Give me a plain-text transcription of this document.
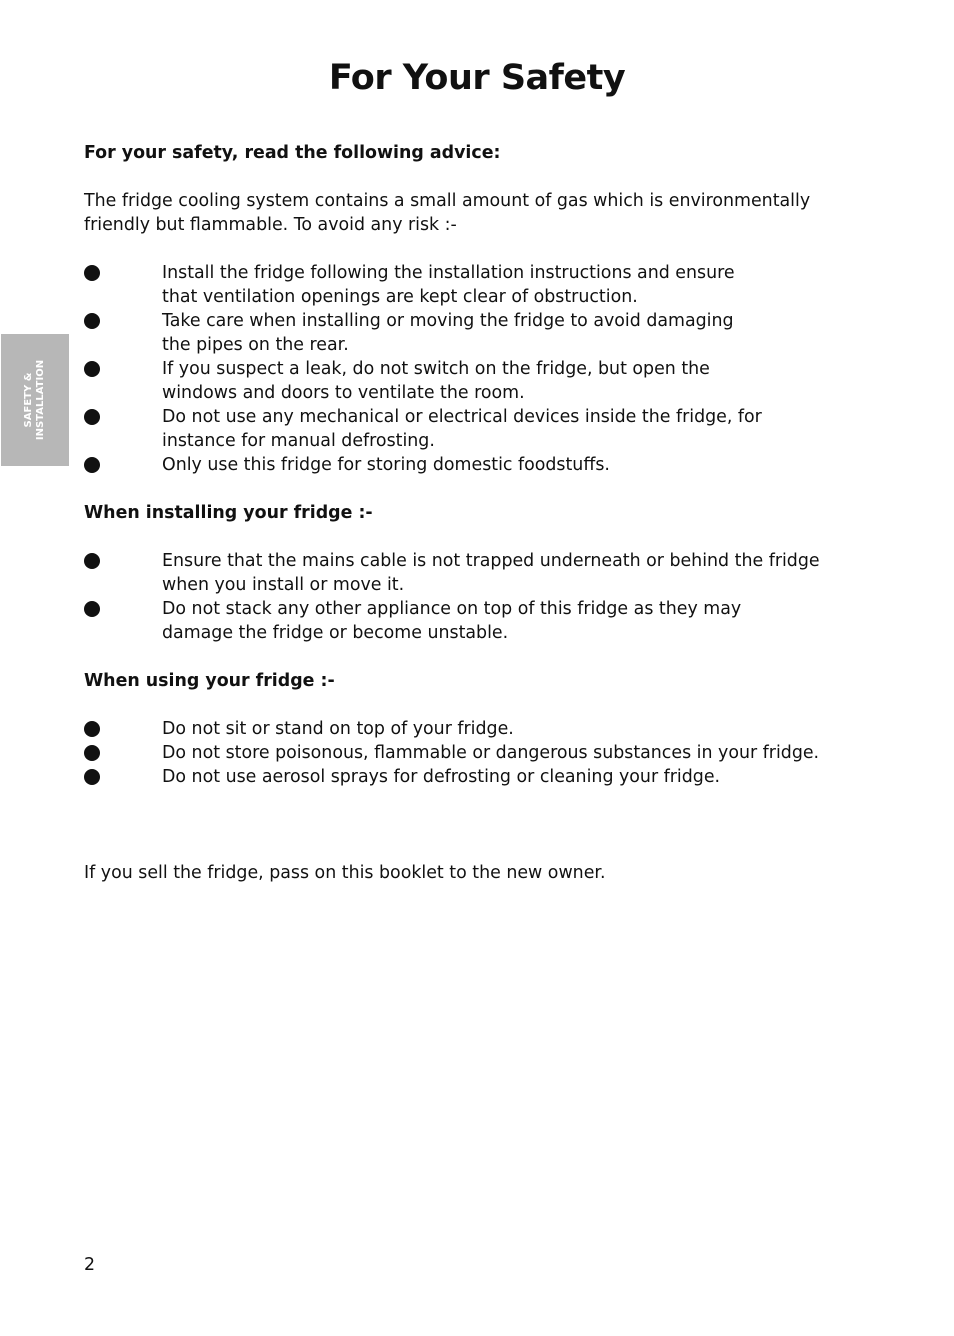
For Your Safety
SAFETY & INSTALLATION
For your safety, read the following advice:
The fridge cooling system contains a small amount of gas which is environmentally
friendly but flammable. To avoid any risk :-
Install the fridge following the installation instructions and ensure
that ventilation openings are kept clear of obstruction.
Take care when installing or moving the fridge to avoid damaging
the pipes on the rear.
If you suspect a leak, do not switch on the fridge, but open the
windows and doors to ventilate the room.
Do not use any mechanical or electrical devices inside the fridge, for
instance for manual defrosting.
Only use this fridge for storing domestic foodstuffs.
When installing your fridge :-
Ensure that the mains cable is not trapped underneath or behind the fridge
when you install or move it.
Do not stack any other appliance on top of this fridge as they may
damage the fridge or become unstable.
When using your fridge :-
Do not sit or stand on top of your fridge.
Do not store poisonous, flammable or dangerous substances in your fridge.
Do not use aerosol sprays for defrosting or cleaning your fridge.
If you sell the fridge, pass on this booklet to the new owner.
2
